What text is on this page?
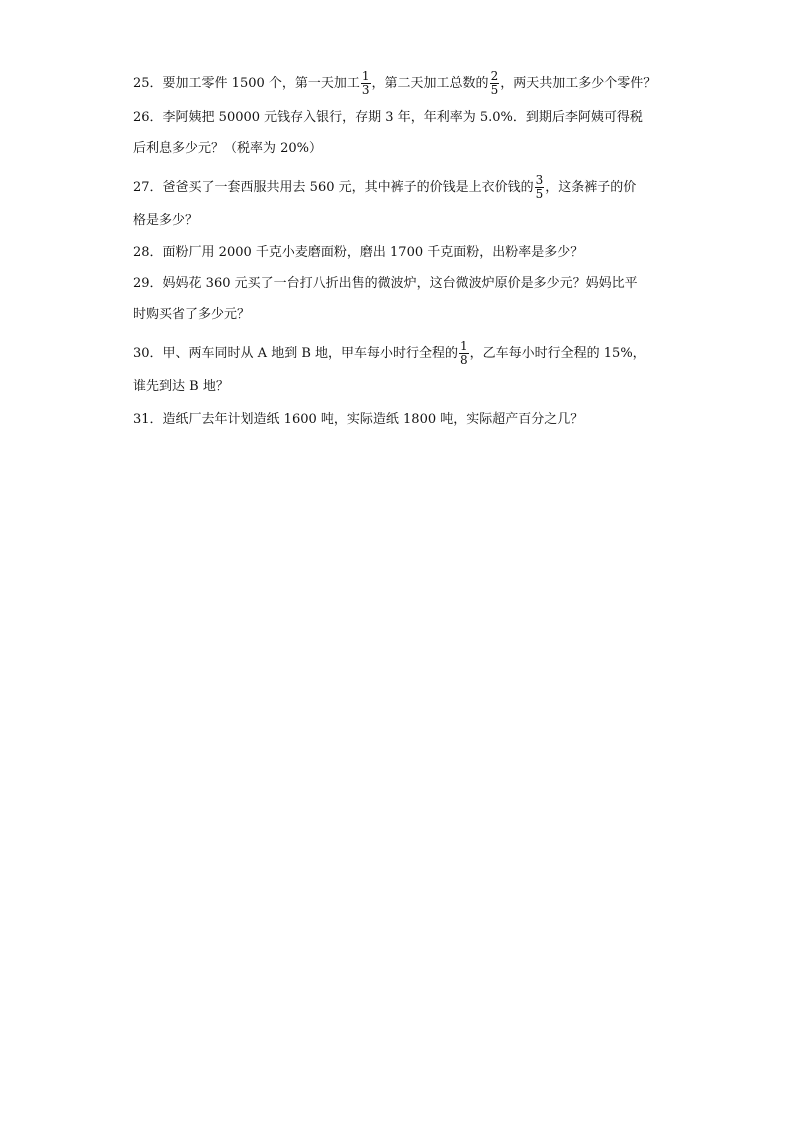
25．要加工零件 1500 个，第一天加工 $\frac{1}{3}$ ，第二天加工总数的 $\frac{2}{5}$ ，两天共加工多少个零件？
26．李阿姨把 50000 元钱存入银行，存期 3 年，年利率为 5.0%．到期后李阿姨可得税
后利息多少元？（税率为 20%）
27．爸爸买了一套西服共用去 560 元，其中裤子的价钱是上衣价钱的 $\frac{3}{5}$ ，这条裤子的价
格是多少？
28．面粉厂用 2000 千克小麦磨面粉，磨出 1700 千克面粉，出粉率是多少？
29．妈妈花 360 元买了一台打八折出售的微波炉，这台微波炉原价是多少元？妈妈比平
时购买省了多少元？
30．甲、两车同时从 A 地到 B 地，甲车每小时行全程的 $\frac{1}{8}$ ，乙车每小时行全程的 15%，
谁先到达 B 地？
31．造纸厂去年计划造纸 1600 吨，实际造纸 1800 吨，实际超产百分之几？
